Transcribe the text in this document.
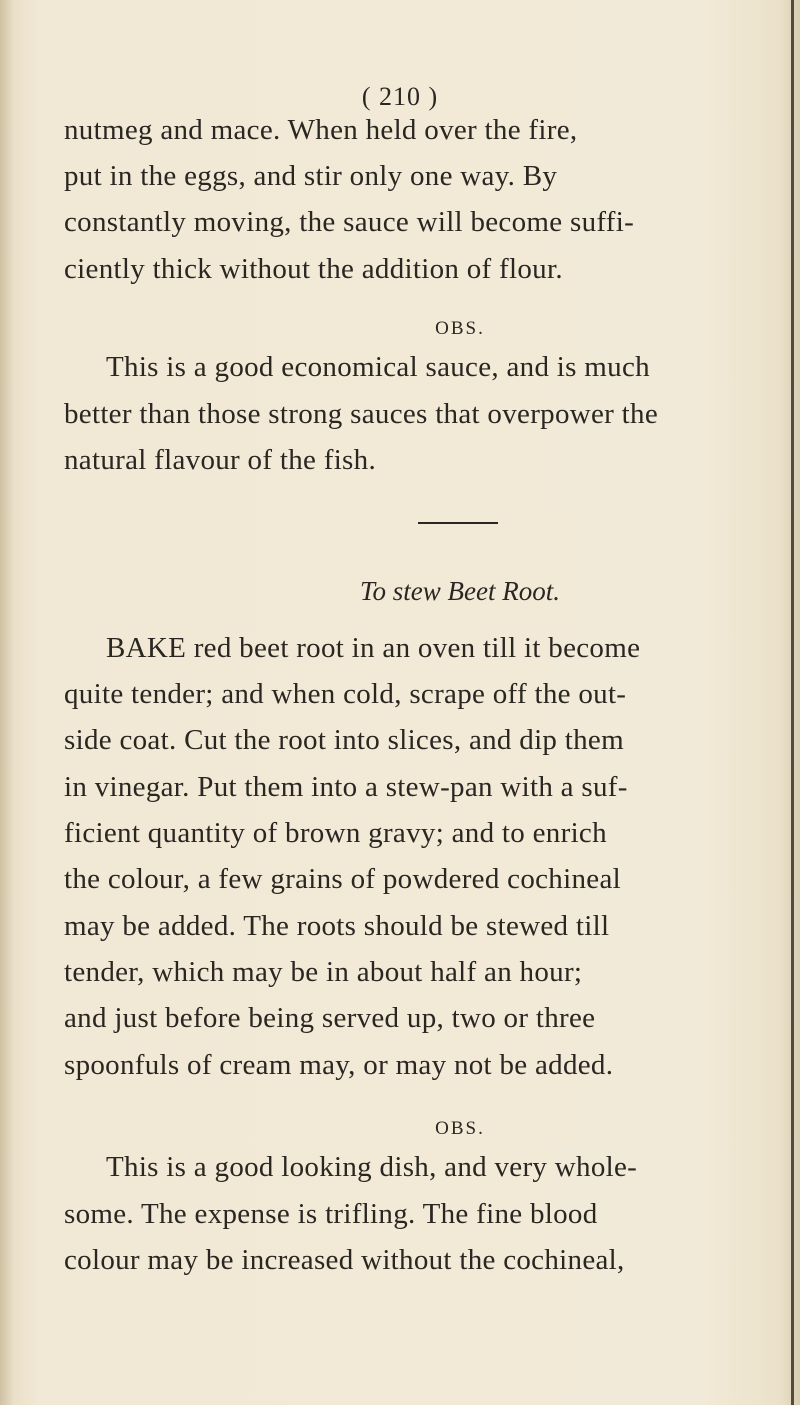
( 210 )
nutmeg and mace. When held over the fire,
put in the eggs, and stir only one way. By
constantly moving, the sauce will become suffi-
ciently thick without the addition of flour.
OBS.
This is a good economical sauce, and is much
better than those strong sauces that overpower the
natural flavour of the fish.
To stew Beet Root.
BAKE red beet root in an oven till it become
quite tender; and when cold, scrape off the out-
side coat. Cut the root into slices, and dip them
in vinegar. Put them into a stew-pan with a suf-
ficient quantity of brown gravy; and to enrich
the colour, a few grains of powdered cochineal
may be added. The roots should be stewed till
tender, which may be in about half an hour;
and just before being served up, two or three
spoonfuls of cream may, or may not be added.
OBS.
This is a good looking dish, and very whole-
some. The expense is trifling. The fine blood
colour may be increased without the cochineal,
